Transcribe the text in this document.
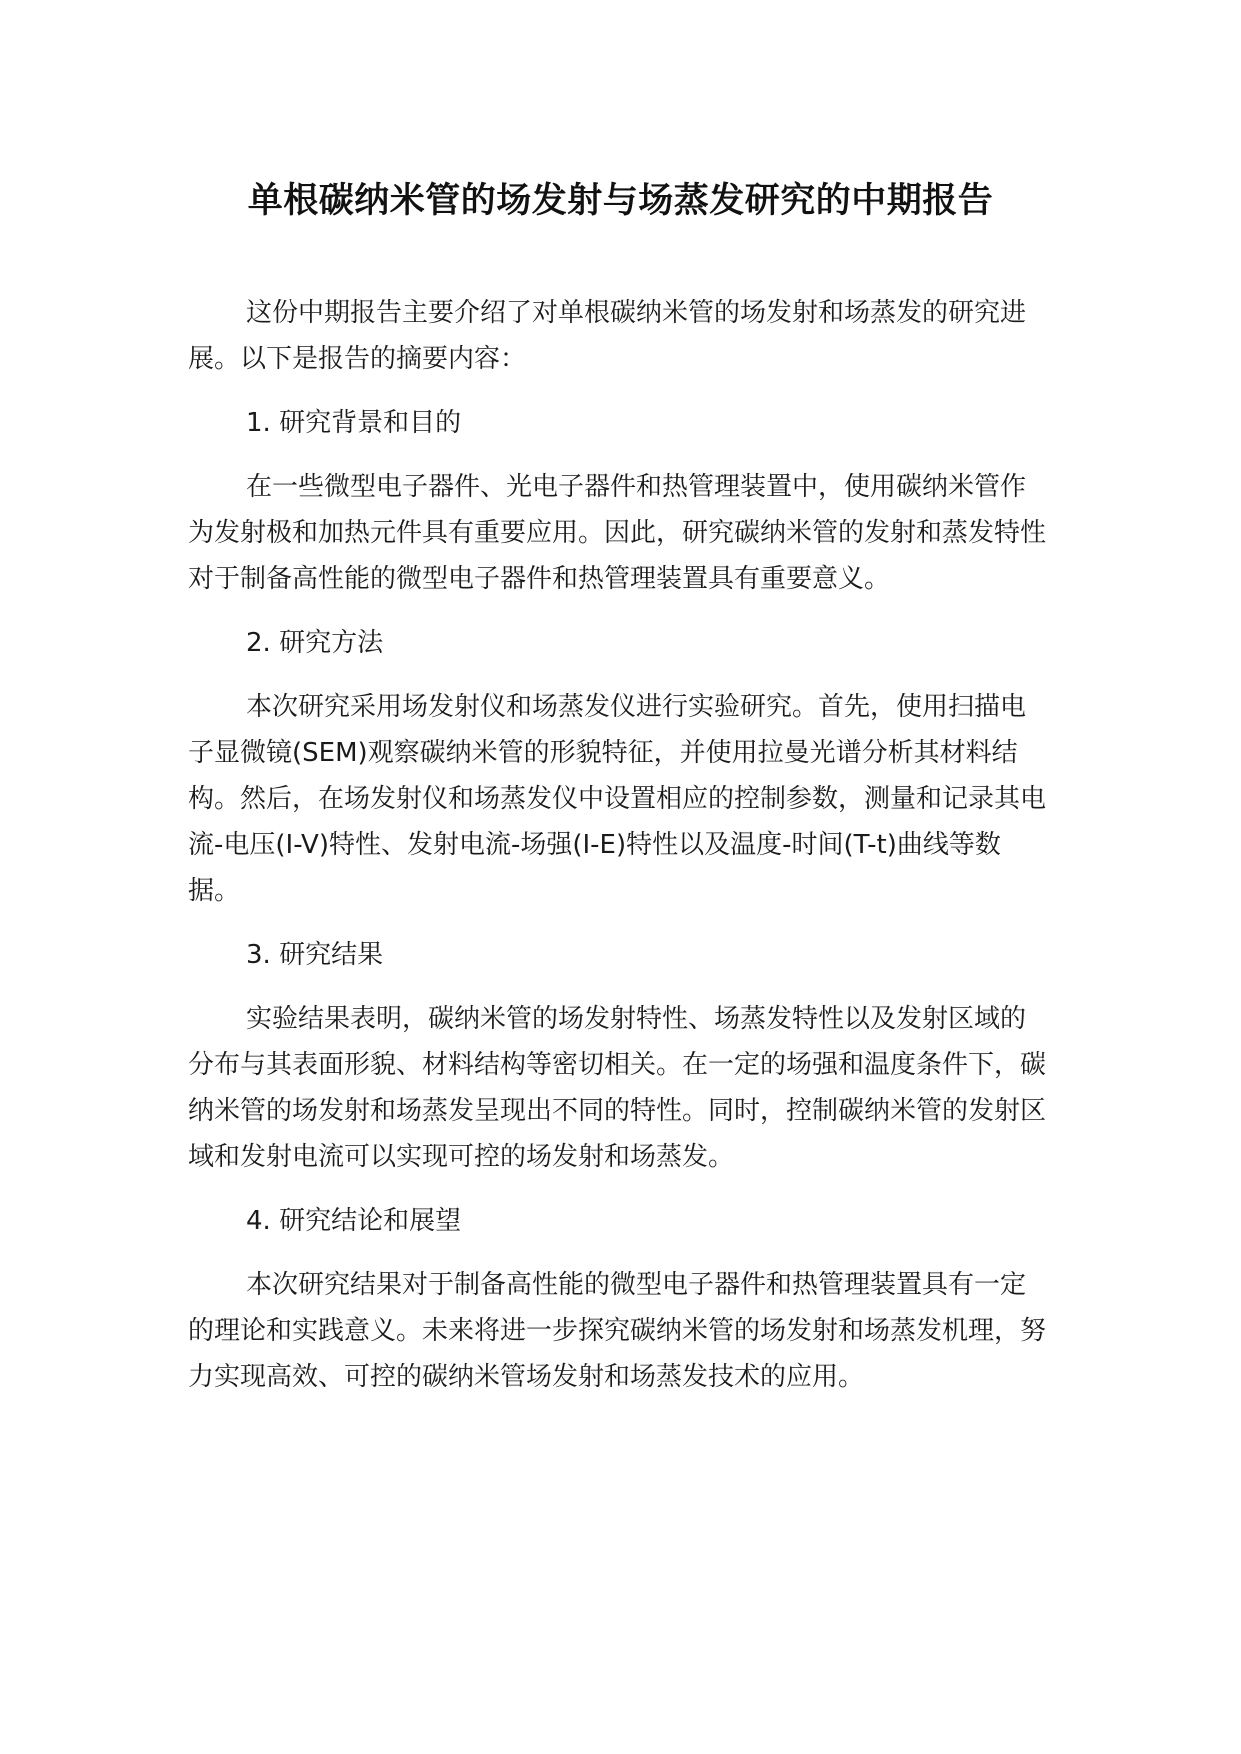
单根碳纳米管的场发射与场蒸发研究的中期报告

这份中期报告主要介绍了对单根碳纳米管的场发射和场蒸发的研究进展。以下是报告的摘要内容：

1. 研究背景和目的

在一些微型电子器件、光电子器件和热管理装置中，使用碳纳米管作为发射极和加热元件具有重要应用。因此，研究碳纳米管的发射和蒸发特性对于制备高性能的微型电子器件和热管理装置具有重要意义。

2. 研究方法

本次研究采用场发射仪和场蒸发仪进行实验研究。首先，使用扫描电子显微镜(SEM)观察碳纳米管的形貌特征，并使用拉曼光谱分析其材料结构。然后，在场发射仪和场蒸发仪中设置相应的控制参数，测量和记录其电流-电压(I-V)特性、发射电流-场强(I-E)特性以及温度-时间(T-t)曲线等数据。

3. 研究结果

实验结果表明，碳纳米管的场发射特性、场蒸发特性以及发射区域的分布与其表面形貌、材料结构等密切相关。在一定的场强和温度条件下，碳纳米管的场发射和场蒸发呈现出不同的特性。同时，控制碳纳米管的发射区域和发射电流可以实现可控的场发射和场蒸发。

4. 研究结论和展望

本次研究结果对于制备高性能的微型电子器件和热管理装置具有一定的理论和实践意义。未来将进一步探究碳纳米管的场发射和场蒸发机理，努力实现高效、可控的碳纳米管场发射和场蒸发技术的应用。
